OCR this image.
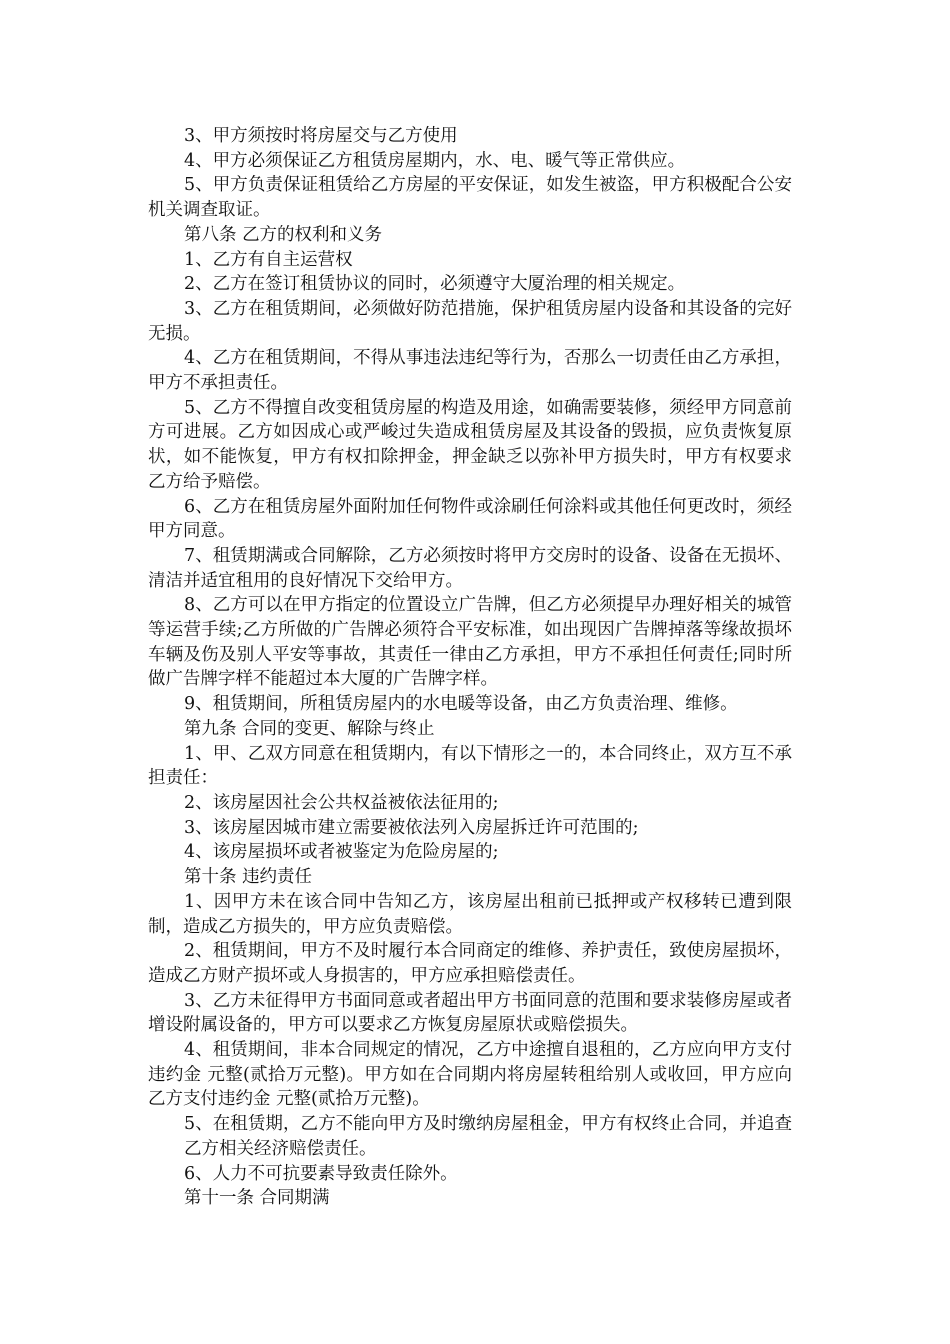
3、甲方须按时将房屋交与乙方使用

4、甲方必须保证乙方租赁房屋期内，水、电、暖气等正常供应。

5、甲方负责保证租赁给乙方房屋的平安保证，如发生被盗，甲方积极配合公安机关调查取证。

第八条 乙方的权利和义务

1、乙方有自主运营权

2、乙方在签订租赁协议的同时，必须遵守大厦治理的相关规定。

3、乙方在租赁期间，必须做好防范措施，保护租赁房屋内设备和其设备的完好无损。

4、乙方在租赁期间，不得从事违法违纪等行为，否那么一切责任由乙方承担，甲方不承担责任。

5、乙方不得擅自改变租赁房屋的构造及用途，如确需要装修，须经甲方同意前方可进展。乙方如因成心或严峻过失造成租赁房屋及其设备的毁损，应负责恢复原状，如不能恢复，甲方有权扣除押金，押金缺乏以弥补甲方损失时，甲方有权要求乙方给予赔偿。

6、乙方在租赁房屋外面附加任何物件或涂刷任何涂料或其他任何更改时，须经甲方同意。

7、租赁期满或合同解除，乙方必须按时将甲方交房时的设备、设备在无损坏、清洁并适宜租用的良好情况下交给甲方。

8、乙方可以在甲方指定的位置设立广告牌，但乙方必须提早办理好相关的城管等运营手续;乙方所做的广告牌必须符合平安标准，如出现因广告牌掉落等缘故损坏车辆及伤及别人平安等事故，其责任一律由乙方承担，甲方不承担任何责任;同时所做广告牌字样不能超过本大厦的广告牌字样。

9、租赁期间，所租赁房屋内的水电暖等设备，由乙方负责治理、维修。

第九条 合同的变更、解除与终止

1、甲、乙双方同意在租赁期内，有以下情形之一的，本合同终止，双方互不承担责任：

2、该房屋因社会公共权益被依法征用的;

3、该房屋因城市建立需要被依法列入房屋拆迁许可范围的;

4、该房屋损坏或者被鉴定为危险房屋的;

第十条 违约责任

1、因甲方未在该合同中告知乙方，该房屋出租前已抵押或产权移转已遭到限制，造成乙方损失的，甲方应负责赔偿。

2、租赁期间，甲方不及时履行本合同商定的维修、养护责任，致使房屋损坏，造成乙方财产损坏或人身损害的，甲方应承担赔偿责任。

3、乙方未征得甲方书面同意或者超出甲方书面同意的范围和要求装修房屋或者增设附属设备的，甲方可以要求乙方恢复房屋原状或赔偿损失。

4、租赁期间，非本合同规定的情况，乙方中途擅自退租的，乙方应向甲方支付违约金 元整(贰拾万元整)。甲方如在合同期内将房屋转租给别人或收回，甲方应向乙方支付违约金 元整(贰拾万元整)。

5、在租赁期，乙方不能向甲方及时缴纳房屋租金，甲方有权终止合同，并追查乙方相关经济赔偿责任。

6、人力不可抗要素导致责任除外。

第十一条 合同期满
